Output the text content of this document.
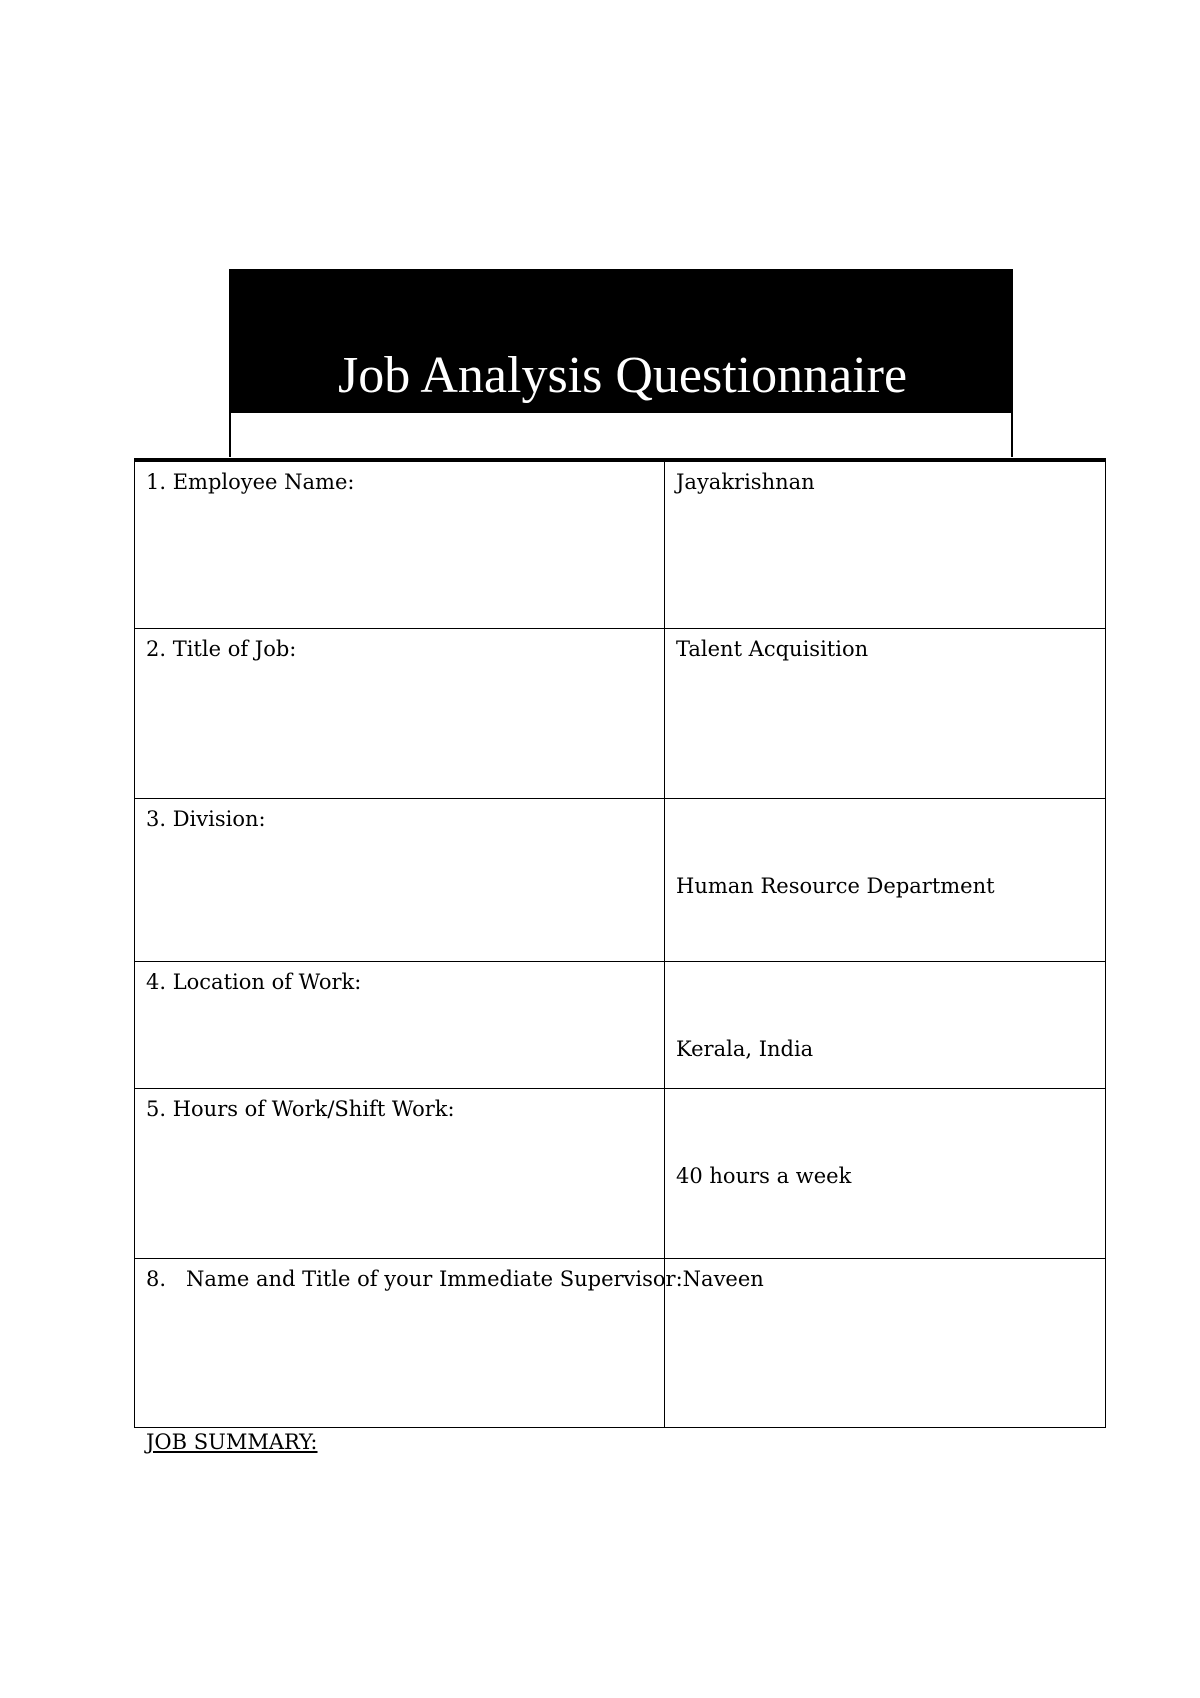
Job Analysis Questionnaire
1. Employee Name:	Jayakrishnan

2. Title of Job:	Talent Acquisition

3. Division:	Human Resource Department

4. Location of Work:	Kerala, India

5. Hours of Work/Shift Work:	40 hours a week

8.   Name and Title of your Immediate Supervisor:	Naveen
JOB SUMMARY:
